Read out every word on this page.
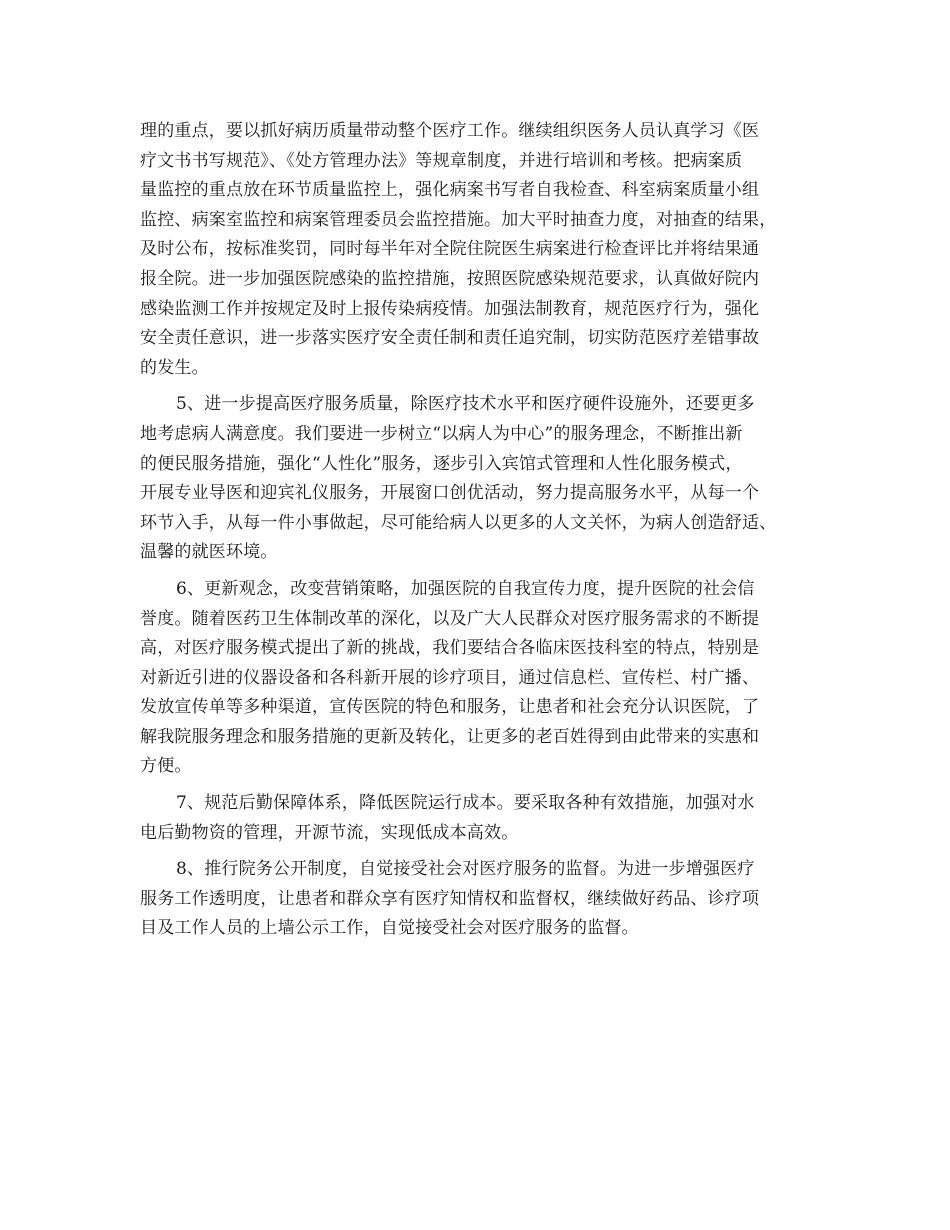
理的重点，要以抓好病历质量带动整个医疗工作。继续组织医务人员认真学习《医
疗文书书写规范》、《处方管理办法》等规章制度，并进行培训和考核。把病案质
量监控的重点放在环节质量监控上，强化病案书写者自我检查、科室病案质量小组
监控、病案室监控和病案管理委员会监控措施。加大平时抽查力度，对抽查的结果，
及时公布，按标准奖罚，同时每半年对全院住院医生病案进行检查评比并将结果通
报全院。进一步加强医院感染的监控措施，按照医院感染规范要求，认真做好院内
感染监测工作并按规定及时上报传染病疫情。加强法制教育，规范医疗行为，强化
安全责任意识，进一步落实医疗安全责任制和责任追究制，切实防范医疗差错事故
的发生。
5、进一步提高医疗服务质量，除医疗技术水平和医疗硬件设施外，还要更多
地考虑病人满意度。我们要进一步树立“以病人为中心”的服务理念，不断推出新
的便民服务措施，强化“人性化”服务，逐步引入宾馆式管理和人性化服务模式，
开展专业导医和迎宾礼仪服务，开展窗口创优活动，努力提高服务水平，从每一个
环节入手，从每一件小事做起，尽可能给病人以更多的人文关怀，为病人创造舒适、
温馨的就医环境。
6、更新观念，改变营销策略，加强医院的自我宣传力度，提升医院的社会信
誉度。随着医药卫生体制改革的深化，以及广大人民群众对医疗服务需求的不断提
高，对医疗服务模式提出了新的挑战，我们要结合各临床医技科室的特点，特别是
对新近引进的仪器设备和各科新开展的诊疗项目，通过信息栏、宣传栏、村广播、
发放宣传单等多种渠道，宣传医院的特色和服务，让患者和社会充分认识医院，了
解我院服务理念和服务措施的更新及转化，让更多的老百姓得到由此带来的实惠和
方便。
7、规范后勤保障体系，降低医院运行成本。要采取各种有效措施，加强对水
电后勤物资的管理，开源节流，实现低成本高效。
8、推行院务公开制度，自觉接受社会对医疗服务的监督。为进一步增强医疗
服务工作透明度，让患者和群众享有医疗知情权和监督权，继续做好药品、诊疗项
目及工作人员的上墙公示工作，自觉接受社会对医疗服务的监督。
